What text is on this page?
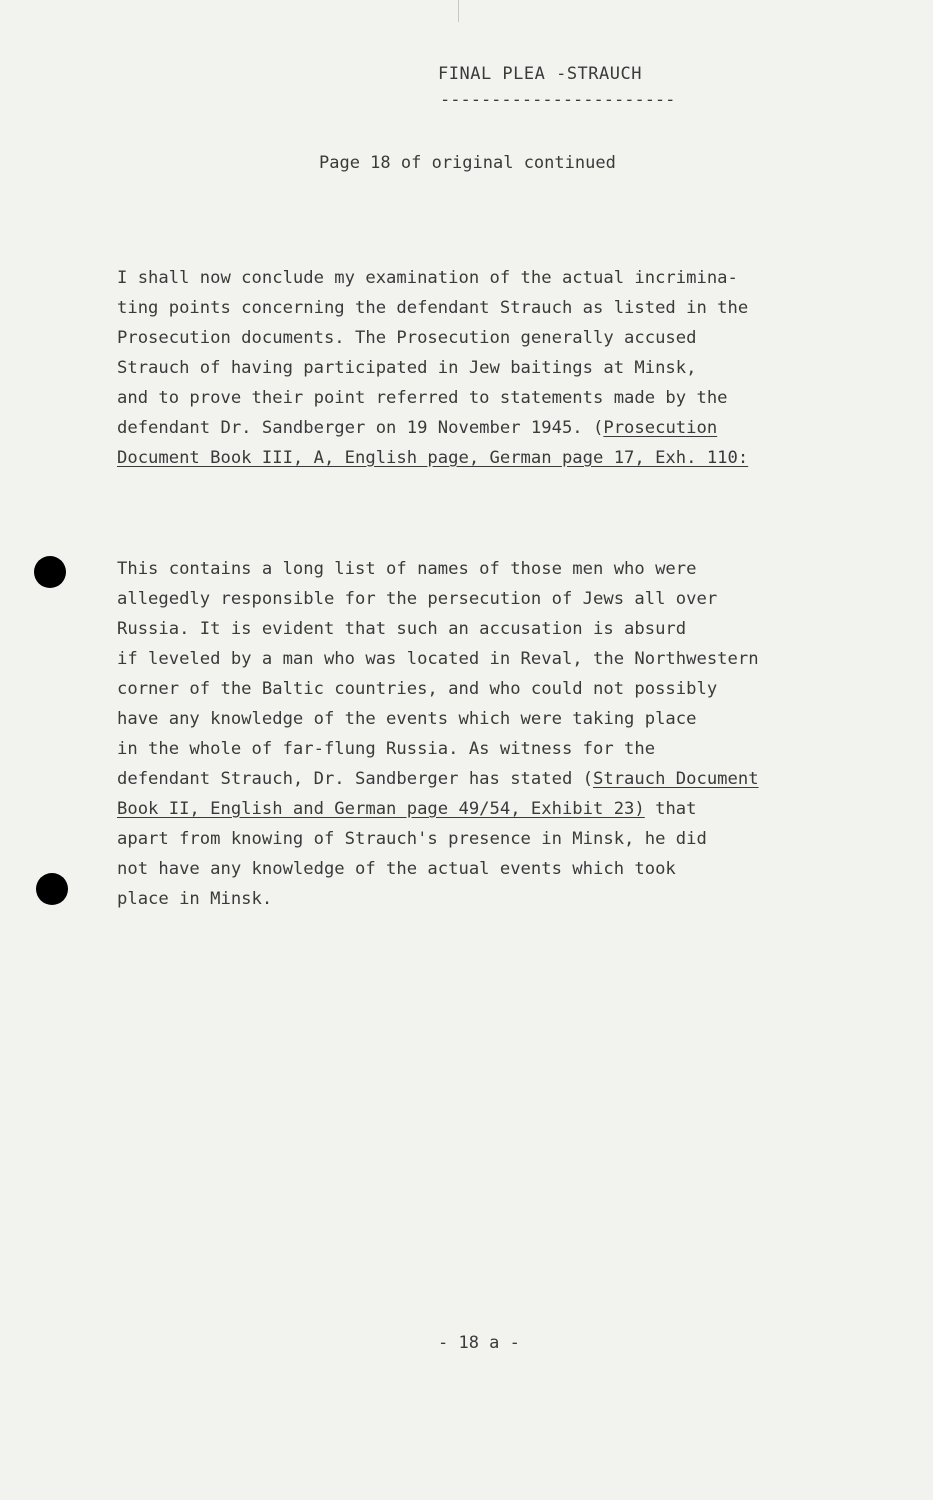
FINAL PLEA -STRAUCH
-----------------------
Page 18 of original continued

I shall now conclude my examination of the actual incrimina-
ting points concerning the defendant Strauch as listed in the
Prosecution documents. The Prosecution generally accused
Strauch of having participated in Jew baitings at Minsk,
and to prove their point referred to statements made by the
defendant Dr. Sandberger on 19 November 1945. (Prosecution
Document Book III, A, English page, German page 17, Exh. 110:

This contains a long list of names of those men who were
allegedly responsible for the persecution of Jews all over
Russia. It is evident that such an accusation is absurd
if leveled by a man who was located in Reval, the Northwestern
corner of the Baltic countries, and who could not possibly
have any knowledge of the events which were taking place
in the whole of far-flung Russia. As witness for the
defendant Strauch, Dr. Sandberger has stated (Strauch Document
Book II, English and German page 49/54, Exhibit 23) that
apart from knowing of Strauch's presence in Minsk, he did
not have any knowledge of the actual events which took
place in Minsk.

- 18 a -
